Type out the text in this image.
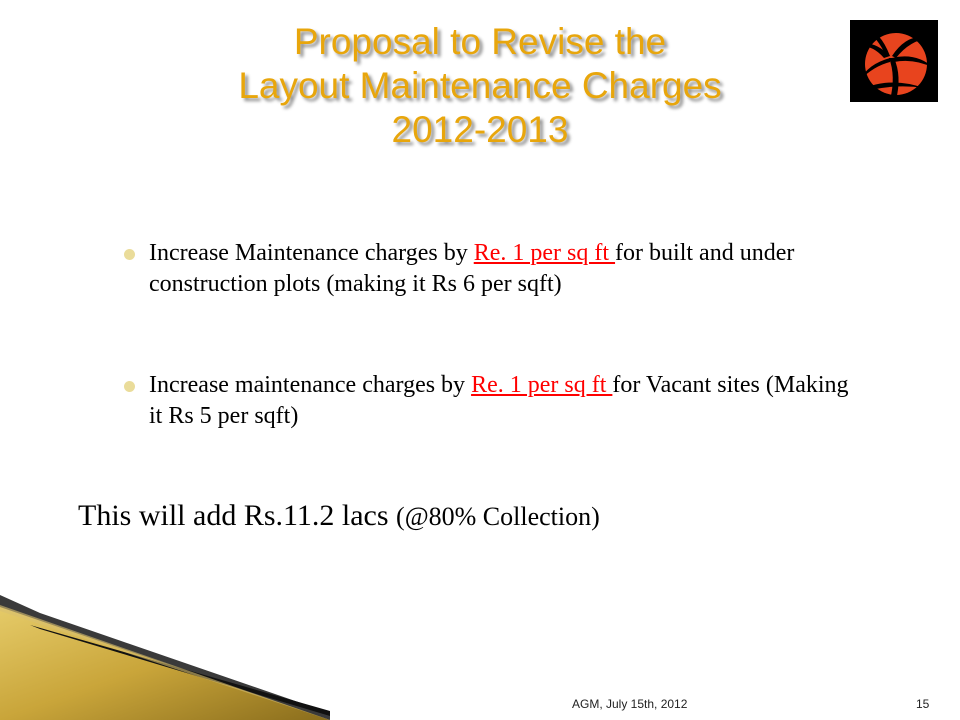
Proposal to Revise the
Layout Maintenance Charges
2012-2013
Increase Maintenance charges by Re. 1 per sq ft for built and under construction plots (making it Rs 6 per sqft)
Increase maintenance charges by Re. 1 per sq ft for Vacant sites (Making it Rs 5 per sqft)
This will add Rs.11.2 lacs (@80% Collection)
AGM, July 15th, 2012	15
